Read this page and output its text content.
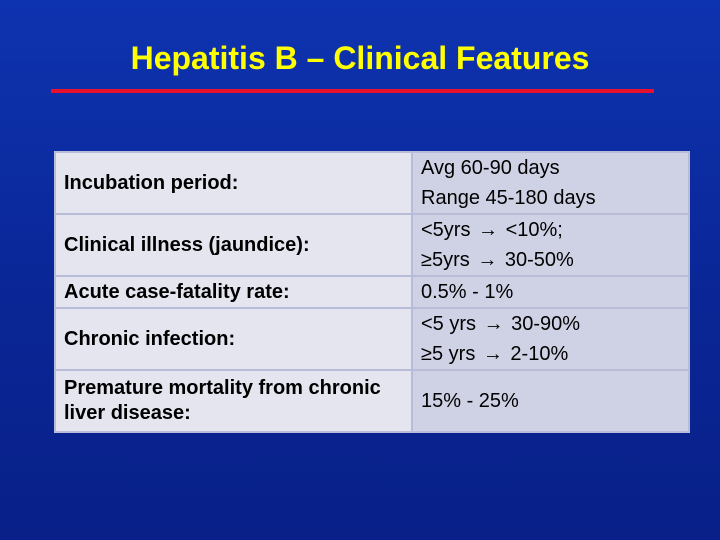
Hepatitis B – Clinical Features
Incubation period:	Avg 60-90 days
Range 45-180 days

Clinical illness (jaundice):	<5yrs → <10%;
≥5yrs → 30-50%

Acute case-fatality rate:	0.5% - 1%

Chronic infection:	<5 yrs → 30-90%
≥5 yrs → 2-10%

Premature mortality from chronic liver disease:	15% - 25%
